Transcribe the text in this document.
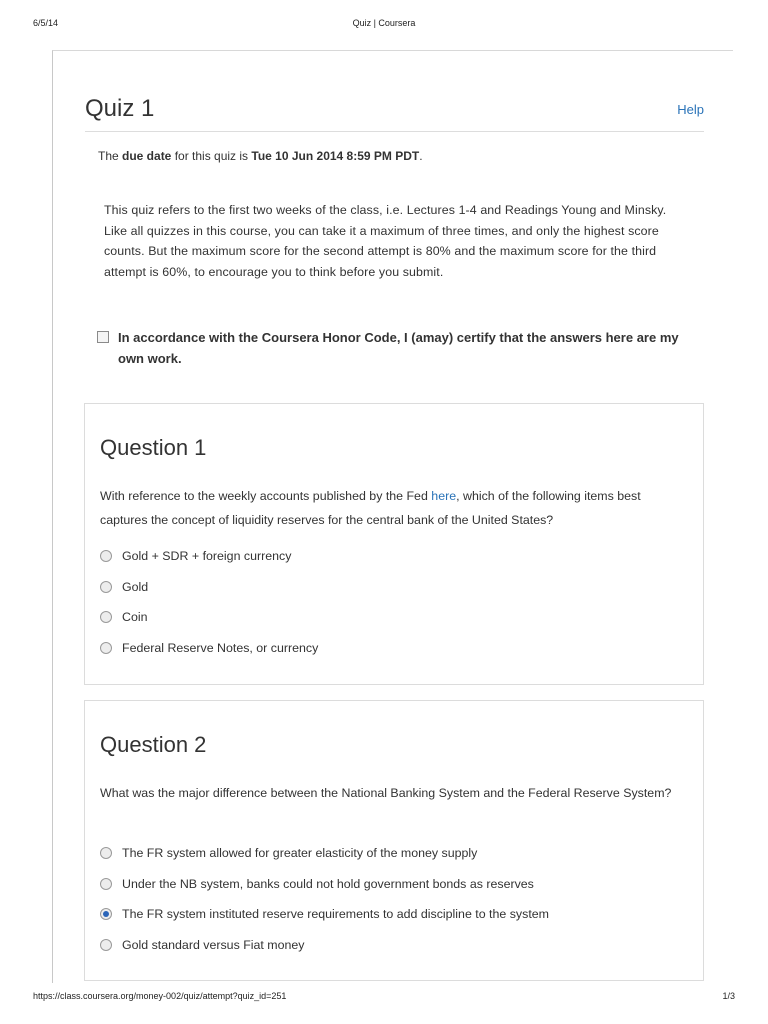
6/5/14	Quiz | Coursera
Quiz 1	Help
The due date for this quiz is Tue 10 Jun 2014 8:59 PM PDT.
This quiz refers to the first two weeks of the class, i.e. Lectures 1-4 and Readings Young and Minsky. Like all quizzes in this course, you can take it a maximum of three times, and only the highest score counts. But the maximum score for the second attempt is 80% and the maximum score for the third attempt is 60%, to encourage you to think before you submit.
In accordance with the Coursera Honor Code, I (amay) certify that the answers here are my own work.
Question 1
With reference to the weekly accounts published by the Fed here, which of the following items best captures the concept of liquidity reserves for the central bank of the United States?
Gold + SDR + foreign currency
Gold
Coin
Federal Reserve Notes, or currency
Question 2
What was the major difference between the National Banking System and the Federal Reserve System?
The FR system allowed for greater elasticity of the money supply
Under the NB system, banks could not hold government bonds as reserves
The FR system instituted reserve requirements to add discipline to the system
Gold standard versus Fiat money
https://class.coursera.org/money-002/quiz/attempt?quiz_id=251	1/3
